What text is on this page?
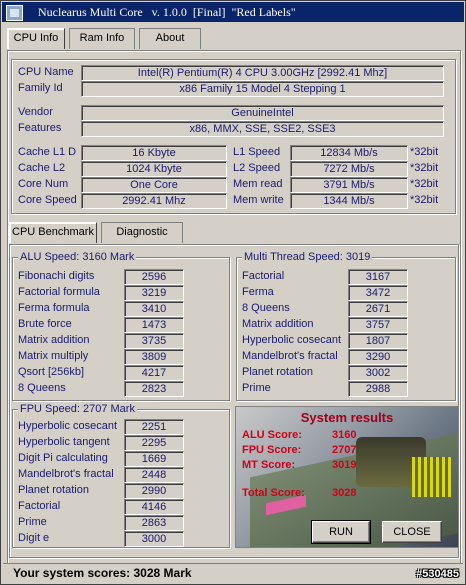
Nuclearus Multi Core   v. 1.0.0  [Final]  "Red Labels"
CPU Info	Ram Info	About
CPU Name	Intel(R) Pentium(R) 4 CPU 3.00GHz [2992.41 Mhz]
Family Id	x86 Family 15 Model 4 Stepping 1
Vendor	GenuineIntel
Features	x86, MMX, SSE, SSE2, SSE3
Cache L1 D	16 Kbyte
Cache L2	1024 Kbyte
Core Num	One Core
Core Speed	2992.41 Mhz
L1 Speed	12834 Mb/s	*32bit
L2 Speed	7272 Mb/s	*32bit
Mem read	3791 Mb/s	*32bit
Mem write	1344 Mb/s	*32bit
CPU Benchmark	Diagnostic
ALU Speed: 3160 Mark
Fibonachi digits	2596
Factorial formula	3219
Ferma formula	3410
Brute force	1473
Matrix addition	3735
Matrix multiply	3809
Qsort [256kb]	4217
8 Queens	2823
Multi Thread Speed: 3019
Factorial	3167
Ferma	3472
8 Queens	2671
Matrix addition	3757
Hyperbolic cosecant	1807
Mandelbrot's fractal	3290
Planet rotation	3002
Prime	2988
FPU Speed: 2707 Mark
Hyperbolic cosecant	2251
Hyperbolic tangent	2295
Digit Pi calculating	1669
Mandelbrot's fractal	2448
Planet rotation	2990
Factorial	4146
Prime	2863
Digit e	3000
System results
ALU Score:	3160
FPU Score:	2707
MT Score:	3019
Total Score: 3028
RUN	CLOSE
Your system scores: 3028 Mark	#530485
